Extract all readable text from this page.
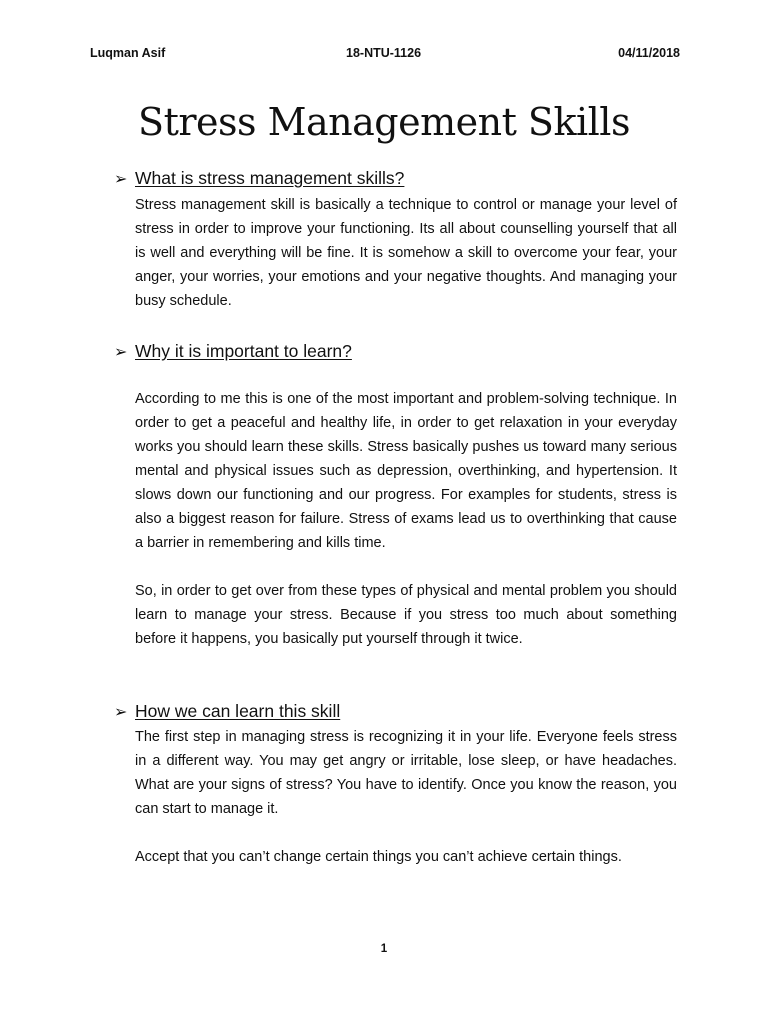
Luqman Asif	18-NTU-1126	04/11/2018
Stress Management Skills
➢ What is stress management skills?

Stress management skill is basically a technique to control or manage your level of stress in order to improve your functioning. Its all about counselling yourself that all is well and everything will be fine. It is somehow a skill to overcome your fear, your anger, your worries, your emotions and your negative thoughts. And managing your busy schedule.

➢ Why it is important to learn?

According to me this is one of the most important and problem-solving technique. In order to get a peaceful and healthy life, in order to get relaxation in your everyday works you should learn these skills. Stress basically pushes us toward many serious mental and physical issues such as depression, overthinking, and hypertension. It slows down our functioning and our progress. For examples for students, stress is also a biggest reason for failure. Stress of exams lead us to overthinking that cause a barrier in remembering and kills time.

So, in order to get over from these types of physical and mental problem you should learn to manage your stress. Because if you stress too much about something before it happens, you basically put yourself through it twice.

➢ How we can learn this skill

The first step in managing stress is recognizing it in your life. Everyone feels stress in a different way. You may get angry or irritable, lose sleep, or have headaches. What are your signs of stress? You have to identify. Once you know the reason, you can start to manage it.

Accept that you can’t change certain things you can’t achieve certain things.

1
